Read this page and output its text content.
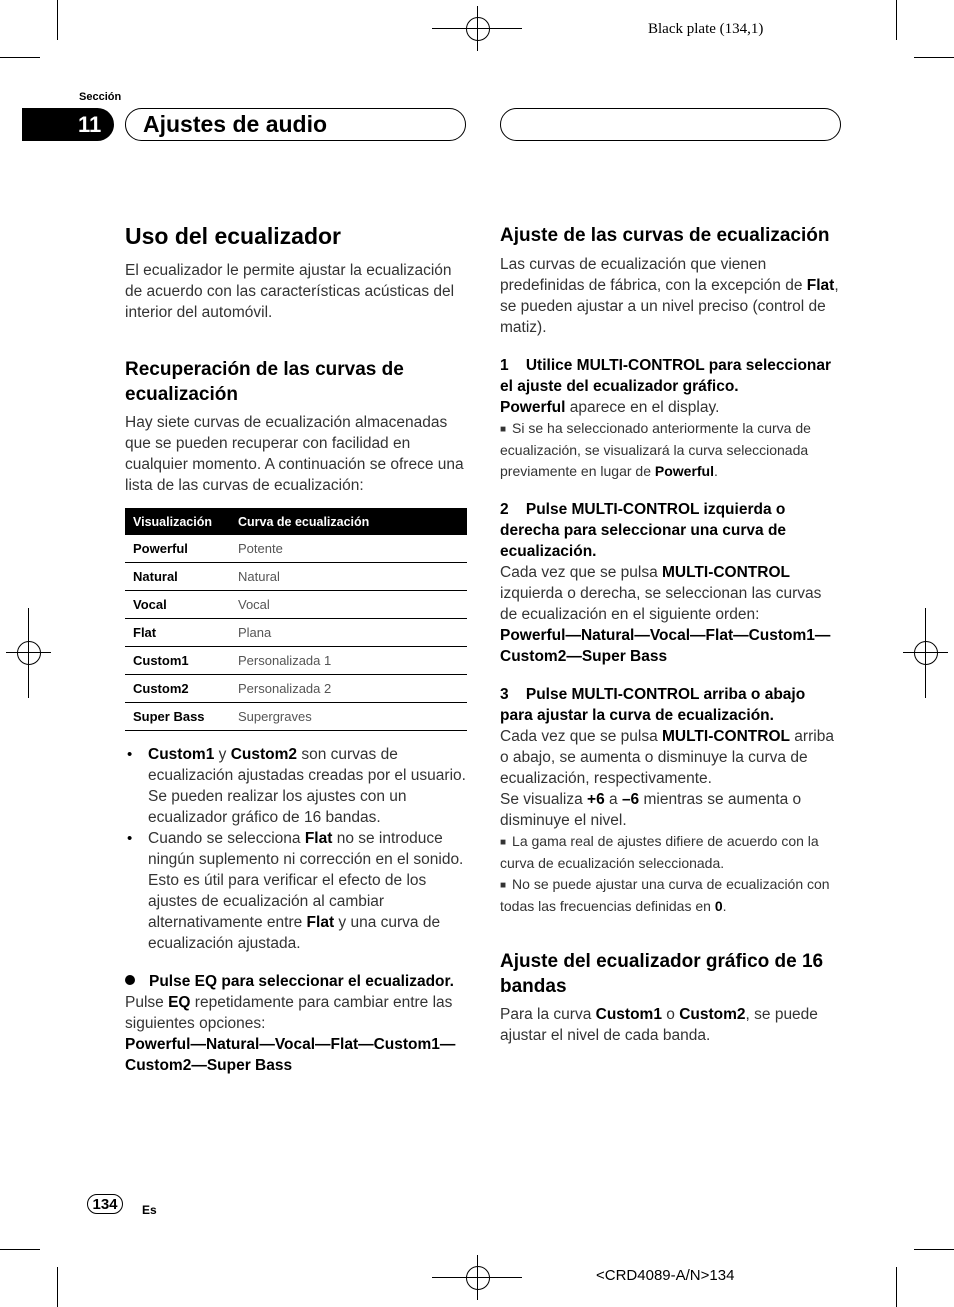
Black plate (134,1)
Sección
11	Ajustes de audio
Uso del ecualizador
El ecualizador le permite ajustar la ecualización de acuerdo con las características acústicas del interior del automóvil.
Recuperación de las curvas de ecualización
Hay siete curvas de ecualización almacenadas que se pueden recuperar con facilidad en cualquier momento. A continuación se ofrece una lista de las curvas de ecualización:
Visualización	Curva de ecualización
Powerful	Potente
Natural	Natural
Vocal	Vocal
Flat	Plana
Custom1	Personalizada 1
Custom2	Personalizada 2
Super Bass	Supergraves
• Custom1 y Custom2 son curvas de ecualización ajustadas creadas por el usuario. Se pueden realizar los ajustes con un ecualizador gráfico de 16 bandas.
• Cuando se selecciona Flat no se introduce ningún suplemento ni corrección en el sonido. Esto es útil para verificar el efecto de los ajustes de ecualización al cambiar alternativamente entre Flat y una curva de ecualización ajustada.
Pulse EQ para seleccionar el ecualizador.
Pulse EQ repetidamente para cambiar entre las siguientes opciones:
Powerful—Natural—Vocal—Flat—Custom1—Custom2—Super Bass
Ajuste de las curvas de ecualización
Las curvas de ecualización que vienen predefinidas de fábrica, con la excepción de Flat, se pueden ajustar a un nivel preciso (control de matiz).
1 Utilice MULTI-CONTROL para seleccionar el ajuste del ecualizador gráfico.
Powerful aparece en el display.
■ Si se ha seleccionado anteriormente la curva de ecualización, se visualizará la curva seleccionada previamente en lugar de Powerful.
2 Pulse MULTI-CONTROL izquierda o derecha para seleccionar una curva de ecualización.
Cada vez que se pulsa MULTI-CONTROL izquierda o derecha, se seleccionan las curvas de ecualización en el siguiente orden:
Powerful—Natural—Vocal—Flat—Custom1—Custom2—Super Bass
3 Pulse MULTI-CONTROL arriba o abajo para ajustar la curva de ecualización.
Cada vez que se pulsa MULTI-CONTROL arriba o abajo, se aumenta o disminuye la curva de ecualización, respectivamente.
Se visualiza +6 a –6 mientras se aumenta o disminuye el nivel.
■ La gama real de ajustes difiere de acuerdo con la curva de ecualización seleccionada.
■ No se puede ajustar una curva de ecualización con todas las frecuencias definidas en 0.
Ajuste del ecualizador gráfico de 16 bandas
Para la curva Custom1 o Custom2, se puede ajustar el nivel de cada banda.
134	Es
<CRD4089-A/N>134
